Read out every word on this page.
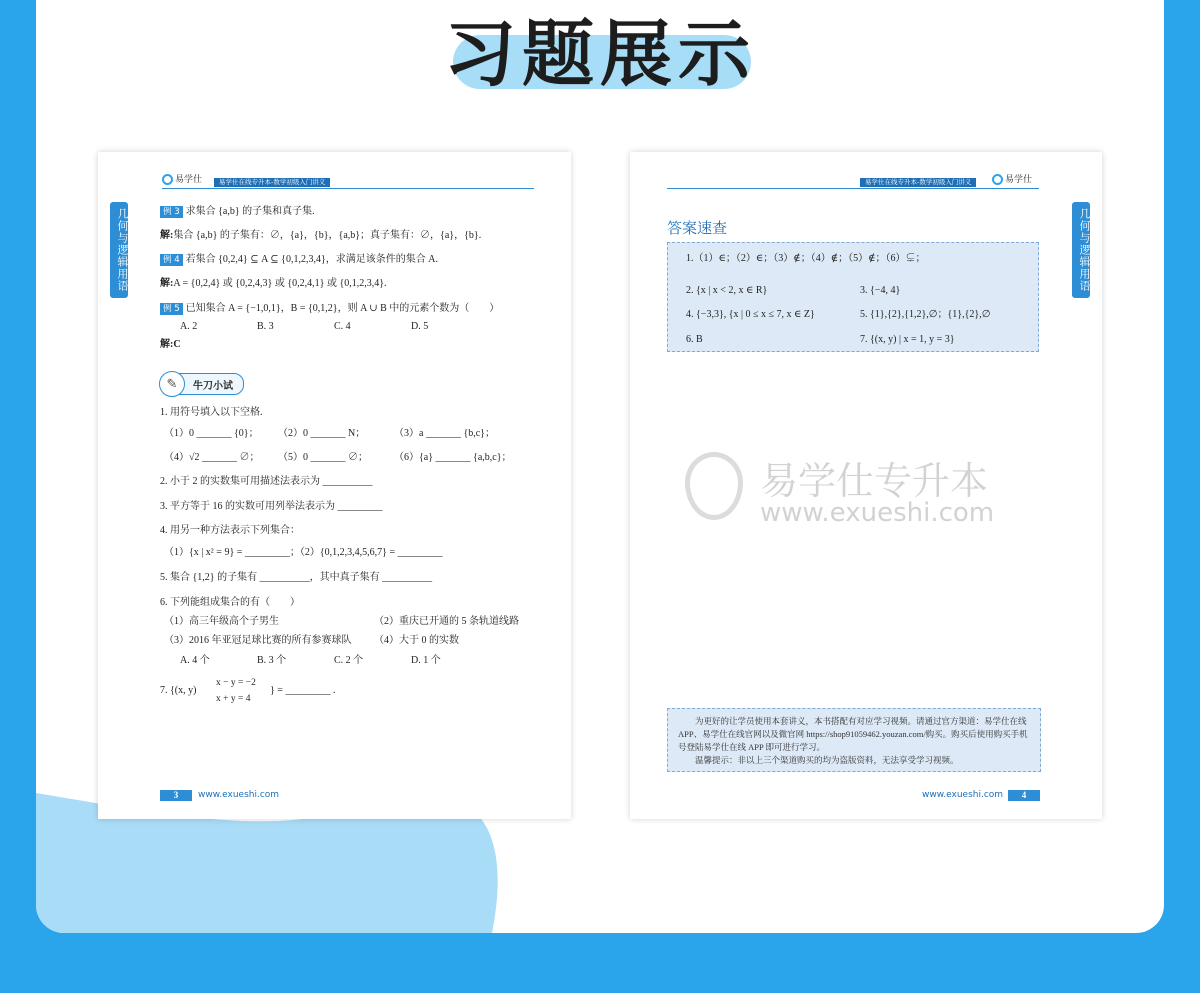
习题展示
易学仕	易学仕在线专升本-数学初级入门讲义
几何与逻辑用语	例 3 求集合 {a,b} 的子集和真子集.
解:集合 {a,b} 的子集有：∅，{a}，{b}，{a,b}；真子集有：∅，{a}，{b}.
例 4 若集合 {0,2,4} ⊆ A ⊆ {0,1,2,3,4}，求满足该条件的集合 A.
解:A = {0,2,4} 或 {0,2,4,3} 或 {0,2,4,1} 或 {0,1,2,3,4}.
例 5 已知集合 A = {−1,0,1}，B = {0,1,2}，则 A ∪ B 中的元素个数为（　　）
A. 2	B. 3	C. 4	D. 5
解:C
✎	牛刀小试
1. 用符号填入以下空格.
（1）0 _______ {0}； （2）0 _______ N；	（3）a _______ {b,c}；
（4）√2 _______ ∅； （5）0 _______ ∅；	（6）{a} _______ {a,b,c}；
2. 小于 2 的实数集可用描述法表示为 __________
3. 平方等于 16 的实数可用列举法表示为 _________
4. 用另一种方法表示下列集合：
（1）{x | x² = 9} = _________；（2）{0,1,2,3,4,5,6,7} = _________
5. 集合 {1,2} 的子集有 __________，其中真子集有 __________
6. 下列能组成集合的有（　　）
（1）高三年级高个子男生	（2）重庆已开通的 5 条轨道线路
（3）2016 年亚冠足球比赛的所有参赛球队 （4）大于 0 的实数
A. 4 个	B. 3 个	C. 2 个	D. 1 个
7. {(x, y)
x − y = −2
x + y = 4
} = _________ .
3	www.exueshi.com
易学仕在线专升本-数学初级入门讲义	易学仕
几何与逻辑用语
答案速查
1.（1）∈；（2）∈；（3）∉；（4）∉；（5）∉；（6）⊊；
2. {x | x < 2, x ∈ R}	3. {−4, 4}
4. {−3,3}, {x | 0 ≤ x ≤ 7, x ∈ Z}	5. {1},{2},{1,2},∅；{1},{2},∅
6. B	7. {(x, y) | x = 1, y = 3}
易学仕专升本
www.exueshi.com
为更好的让学员使用本套讲义，本书搭配有对应学习视频。请通过官方渠道：易学仕在线 APP、易学仕在线官网以及微官网 https://shop91059462.youzan.com/购买。购买后使用购买手机号登陆易学仕在线 APP 即可进行学习。
温馨提示：非以上三个渠道购买的均为盗版资料，无法享受学习视频。
www.exueshi.com	4
